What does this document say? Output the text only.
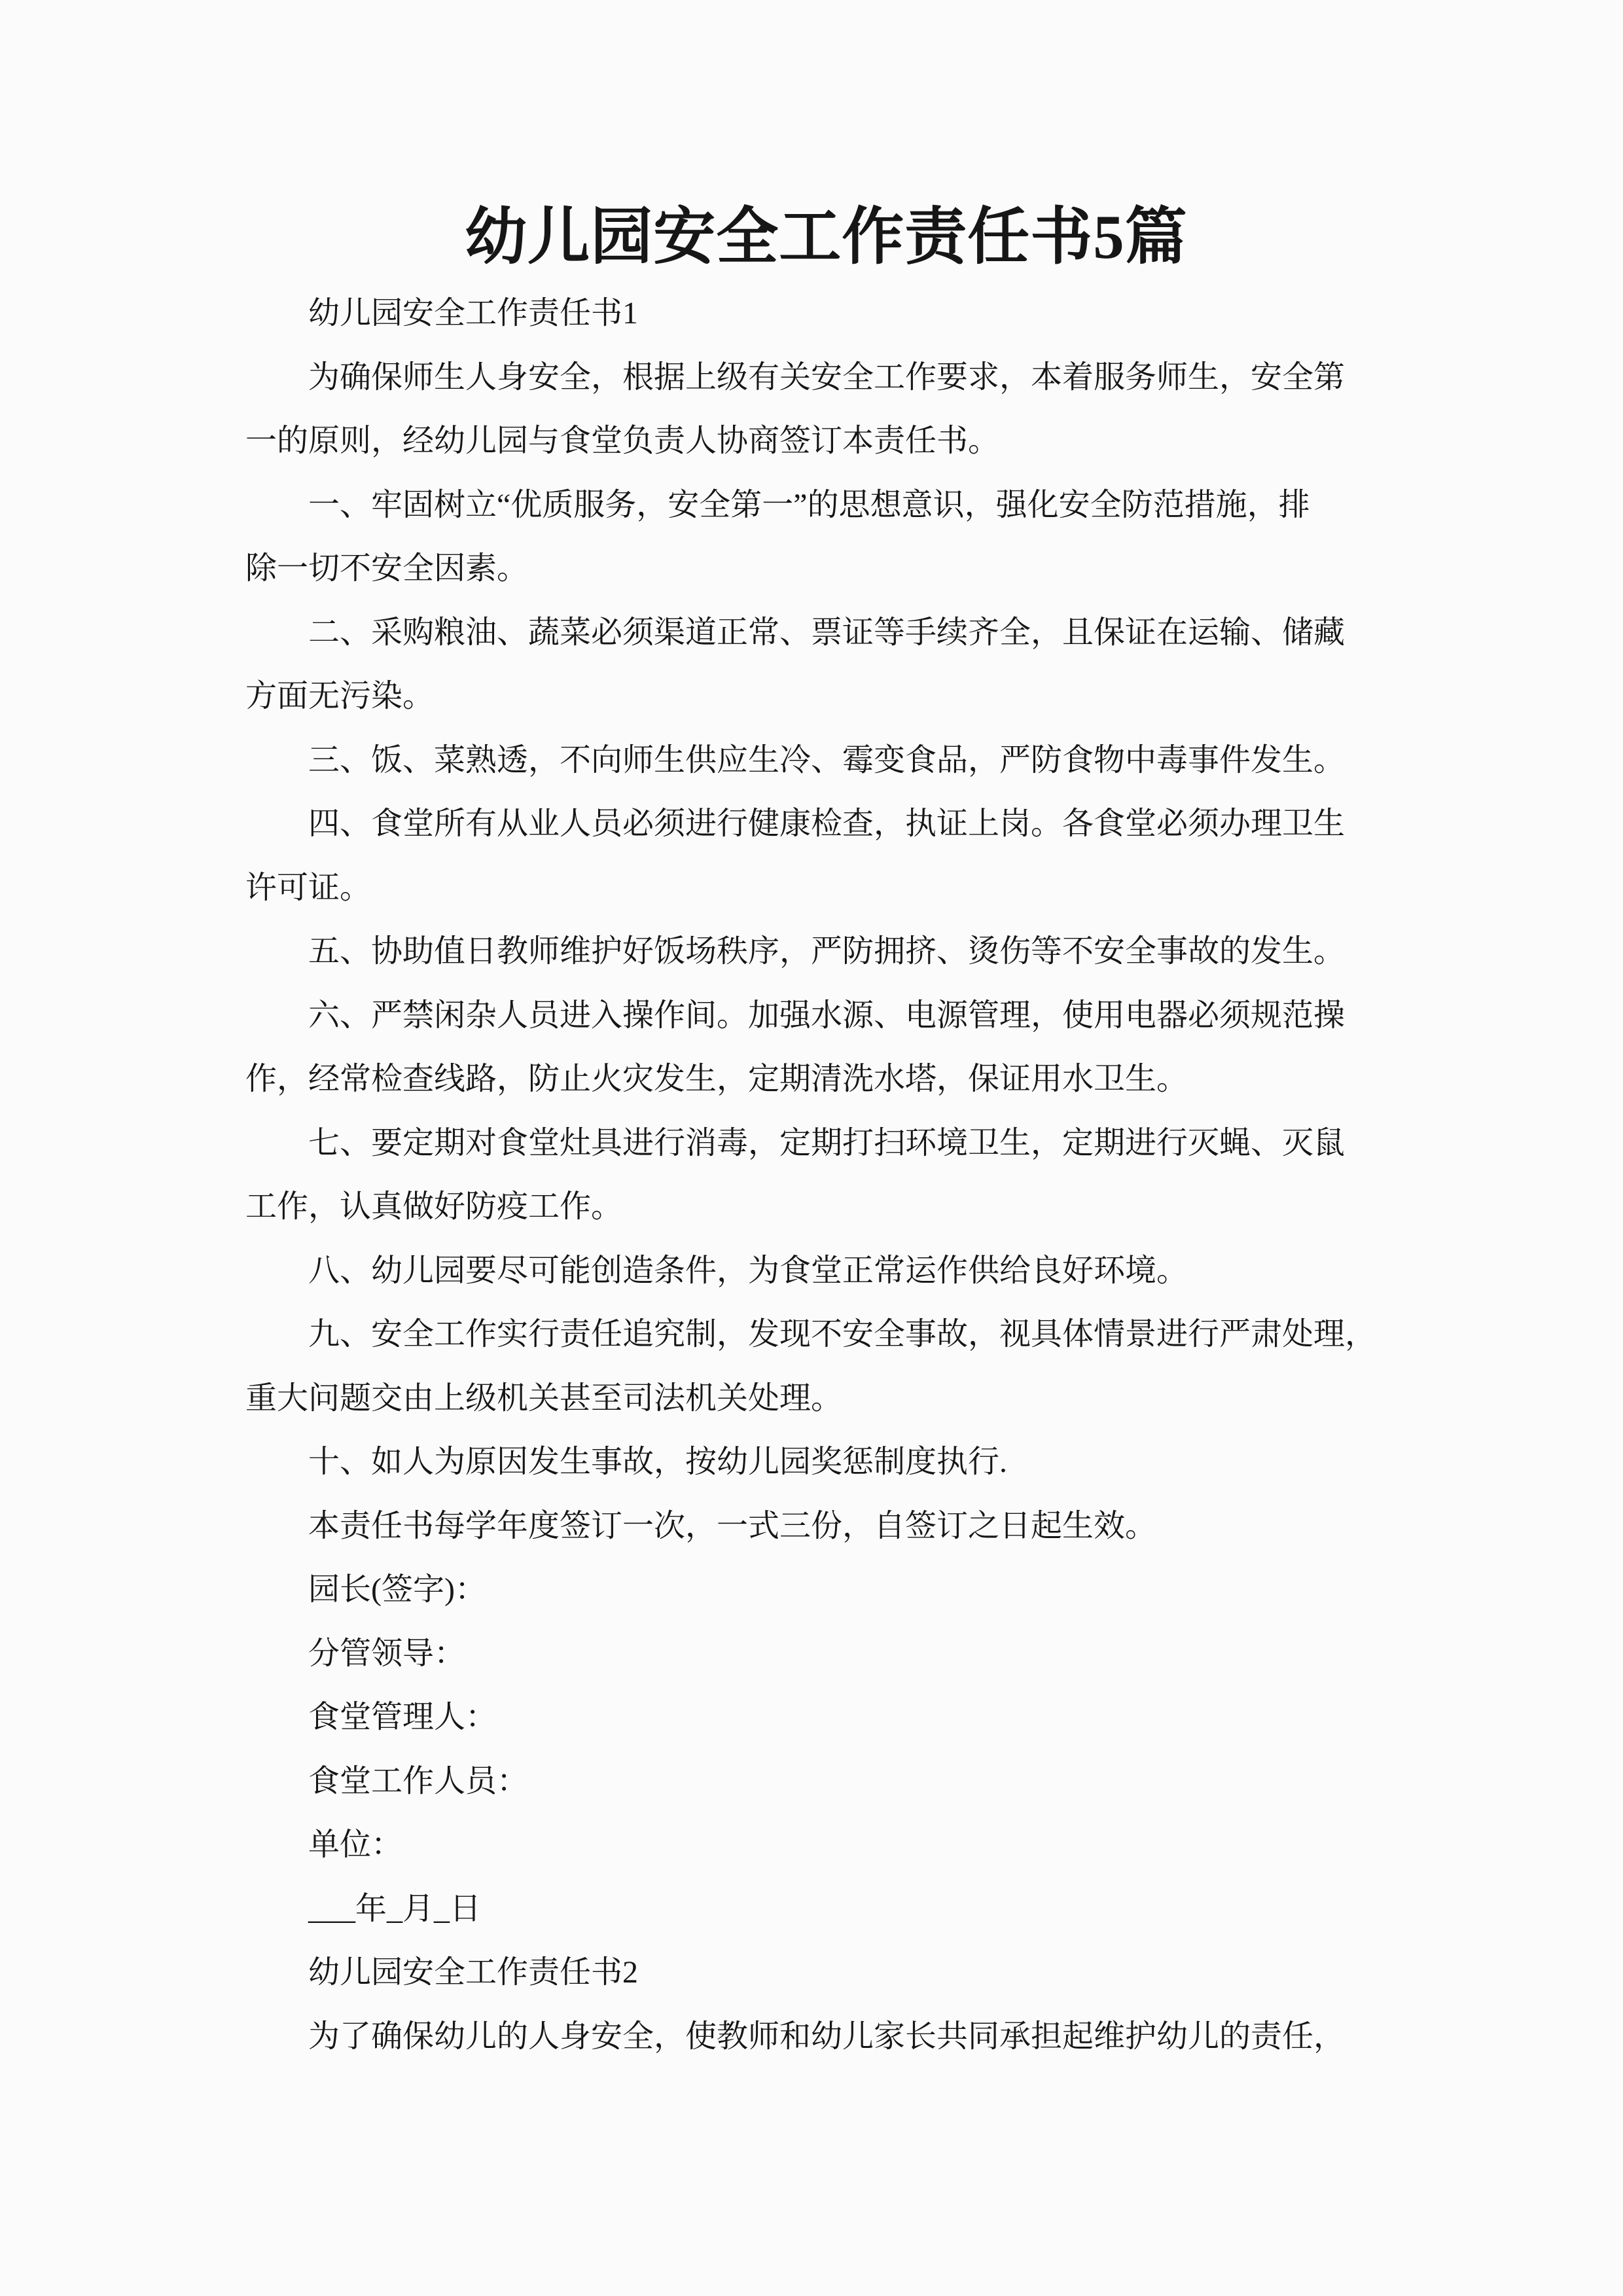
幼儿园安全工作责任书5篇
幼儿园安全工作责任书1
为确保师生人身安全，根据上级有关安全工作要求，本着服务师生，安全第
一的原则，经幼儿园与食堂负责人协商签订本责任书。
一、牢固树立“优质服务，安全第一”的思想意识，强化安全防范措施，排
除一切不安全因素。
二、采购粮油、蔬菜必须渠道正常、票证等手续齐全，且保证在运输、储藏
方面无污染。
三、饭、菜熟透，不向师生供应生冷、霉变食品，严防食物中毒事件发生。
四、食堂所有从业人员必须进行健康检查，执证上岗。各食堂必须办理卫生
许可证。
五、协助值日教师维护好饭场秩序，严防拥挤、烫伤等不安全事故的发生。
六、严禁闲杂人员进入操作间。加强水源、电源管理，使用电器必须规范操
作，经常检查线路，防止火灾发生，定期清洗水塔，保证用水卫生。
七、要定期对食堂灶具进行消毒，定期打扫环境卫生，定期进行灭蝇、灭鼠
工作，认真做好防疫工作。
八、幼儿园要尽可能创造条件，为食堂正常运作供给良好环境。
九、安全工作实行责任追究制，发现不安全事故，视具体情景进行严肃处理，
重大问题交由上级机关甚至司法机关处理。
十、如人为原因发生事故，按幼儿园奖惩制度执行.
本责任书每学年度签订一次，一式三份，自签订之日起生效。
园长(签字)：
分管领导：
食堂管理人：
食堂工作人员：
单位：
___年_月_日
幼儿园安全工作责任书2
为了确保幼儿的人身安全，使教师和幼儿家长共同承担起维护幼儿的责任，
